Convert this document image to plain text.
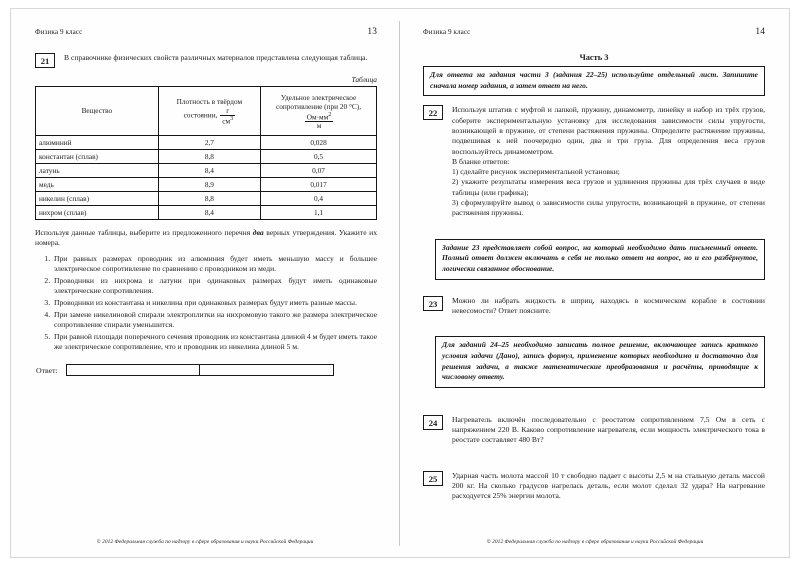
Физика 9 класс	13
21	В справочнике физических свойств различных материалов представлена следующая таблица.

Таблица
Вещество	Плотность в твёрдом
состоянии, $\frac{г}{см^3}$	Удельное электрическое
сопротивление (при 20 °C),

$\frac{Ом\cdot мм^2}{м}$

алюминий	2,7	0,028
константан (сплав)	8,8	0,5
латунь	8,4	0,07
медь	8,9	0,017
никелин (сплав)	8,8	0,4
нихром (сплав)	8,4	1,1

Используя данные таблицы, выберите из предложенного перечня два верных утверждения. Укажите их номера.

1. При равных размерах проводник из алюминия будет иметь меньшую массу и большее электрическое сопротивление по сравнению с проводником из меди.
2. Проводники из нихрома и латуни при одинаковых размерах будут иметь одинаковые электрические сопротивления.
3. Проводники из константана и никелина при одинаковых размерах будут иметь разные массы.
4. При замене никелиновой спирали электроплитки на нихромовую такого же размера электрическое сопротивление спирали уменьшится.
5. При равной площади поперечного сечения проводник из константана длиной 4 м будет иметь такое же электрическое сопротивление, что и проводник из никелина длиной 5 м.
Ответ:
© 2012 Федеральная служба по надзору в сфере образования и науки Российской Федерации
Физика 9 класс	14
Часть 3

Для ответа на задания части 3 (задания 22–25) используйте отдельный лист. Запишите сначала номер задания, а затем ответ на него.

22	Используя штатив с муфтой и лапкой, пружину, динамометр, линейку и набор из трёх грузов, соберите экспериментальную установку для исследования зависимости силы упругости, возникающей в пружине, от степени растяжения пружины. Определите растяжение пружины, подвешивая к ней поочередно один, два и три груза. Для определения веса грузов воспользуйтесь динамометром.

В бланке ответов:

1) сделайте рисунок экспериментальной установки;

2) укажите результаты измерения веса грузов и удлинения пружины для трёх случаев в виде таблицы (или графика);

3) сформулируйте вывод о зависимости силы упругости, возникающей в пружине, от степени растяжения пружины.

Задание 23 представляет собой вопрос, на который необходимо дать письменный ответ. Полный ответ должен включать в себя не только ответ на вопрос, но и его разбёрнутое, логически связанное обоснование.

23	Можно ли набрать жидкость в шприц, находясь в космическом корабле в состоянии невесомости? Ответ поясните.

Для заданий 24–25 необходимо записать полное решение, включающее запись краткого условия задачи (Дано), запись формул, применение которых необходимо и достаточно для решения задачи, а также математические преобразования и расчёты, приводящие к числовому ответу.

24	Нагреватель включён последовательно с реостатом сопротивлением 7,5 Ом в сеть с напряжением 220 В. Каково сопротивление нагревателя, если мощность электрического тока в реостате составляет 480 Вт?

25	Ударная часть молота массой 10 т свободно падает с высоты 2,5 м на стальную деталь массой 200 кг. На сколько градусов нагрелась деталь, если молот сделал 32 удара? На нагревание расходуется 25% энергии молота.

© 2012 Федеральная служба по надзору в сфере образования и науки Российской Федерации
